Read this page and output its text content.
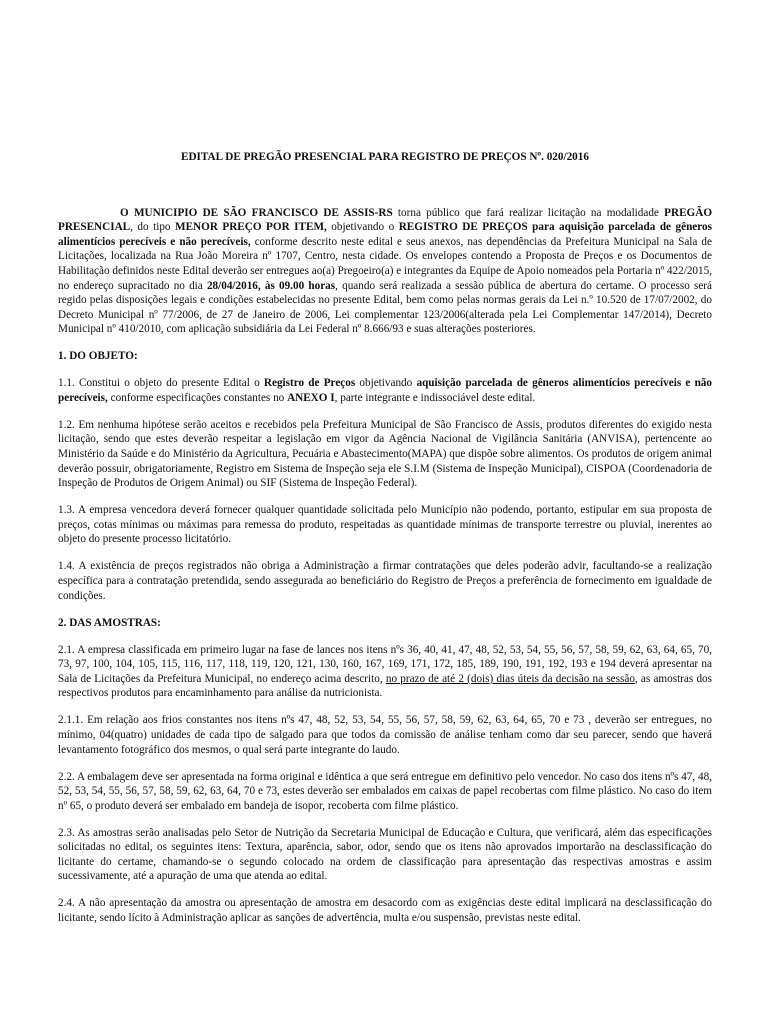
EDITAL DE PREGÃO PRESENCIAL PARA REGISTRO DE PREÇOS Nº. 020/2016

O MUNICIPIO DE SÃO FRANCISCO DE ASSIS-RS torna público que fará realizar licitação na modalidade PREGÃO PRESENCIAL, do tipo MENOR PREÇO POR ITEM, objetivando o REGISTRO DE PREÇOS para aquisição parcelada de gêneros alimentícios perecíveis e não perecíveis, conforme descrito neste edital e seus anexos, nas dependências da Prefeitura Municipal na Sala de Licitações, localizada na Rua João Moreira nº 1707, Centro, nesta cidade. Os envelopes contendo a Proposta de Preços e os Documentos de Habilitação definidos neste Edital deverão ser entregues ao(a) Pregoeiro(a) e integrantes da Equipe de Apoio nomeados pela Portaria nº 422/2015, no endereço supracitado no dia 28/04/2016, às 09.00 horas, quando será realizada a sessão pública de abertura do certame. O processo será regido pelas disposições legais e condições estabelecidas no presente Edital, bem como pelas normas gerais da Lei n.º 10.520 de 17/07/2002, do Decreto Municipal nº 77/2006, de 27 de Janeiro de 2006, Lei complementar 123/2006(alterada pela Lei Complementar 147/2014), Decreto Municipal nº 410/2010, com aplicação subsidiária da Lei Federal nº 8.666/93 e suas alterações posteriores.

1. DO OBJETO:

1.1. Constitui o objeto do presente Edital o Registro de Preços objetivando aquisição parcelada de gêneros alimentícios perecíveis e não perecíveis, conforme especificações constantes no ANEXO I, parte integrante e indissociável deste edital.

1.2. Em nenhuma hipótese serão aceitos e recebidos pela Prefeitura Municipal de São Francisco de Assis, produtos diferentes do exigido nesta licitação, sendo que estes deverão respeitar a legislação em vigor da Agência Nacional de Vigilância Sanitária (ANVISA), pertencente ao Ministério da Saúde e do Ministério da Agricultura, Pecuária e Abastecimento(MAPA) que dispõe sobre alimentos. Os produtos de origem animal deverão possuir, obrigatoriamente, Registro em Sistema de Inspeção seja ele S.I.M (Sistema de Inspeção Municipal), CISPOA (Coordenadoria de Inspeção de Produtos de Origem Animal) ou SIF (Sistema de Inspeção Federal).

1.3. A empresa vencedora deverá fornecer qualquer quantidade solicitada pelo Município não podendo, portanto, estipular em sua proposta de preços, cotas mínimas ou máximas para remessa do produto, respeitadas as quantidade mínimas de transporte terrestre ou pluvial, inerentes ao objeto do presente processo licitatório.

1.4. A existência de preços registrados não obriga a Administração a firmar contratações que deles poderão advir, facultando-se a realização específica para a contratação pretendida, sendo assegurada ao beneficiário do Registro de Preços a preferência de fornecimento em igualdade de condições.

2. DAS AMOSTRAS:

2.1. A empresa classificada em primeiro lugar na fase de lances nos itens nºs 36, 40, 41, 47, 48, 52, 53, 54, 55, 56, 57, 58, 59, 62, 63, 64, 65, 70, 73, 97, 100, 104, 105, 115, 116, 117, 118, 119, 120, 121, 130, 160, 167, 169, 171, 172, 185, 189, 190, 191, 192, 193 e 194 deverá apresentar na Sala de Licitações da Prefeitura Municipal, no endereço acima descrito, no prazo de até 2 (dois) dias úteis da decisão na sessão, as amostras dos respectivos produtos para encaminhamento para análise da nutricionista.

2.1.1. Em relação aos frios constantes nos itens nºs 47, 48, 52, 53, 54, 55, 56, 57, 58, 59, 62, 63, 64, 65, 70 e 73 , deverão ser entregues, no mínimo, 04(quatro) unidades de cada tipo de salgado para que todos da comissão de análise tenham como dar seu parecer, sendo que haverá levantamento fotográfico dos mesmos, o qual será parte integrante do laudo.

2.2. A embalagem deve ser apresentada na forma original e idêntica a que será entregue em definitivo pelo vencedor. No caso dos itens nºs 47, 48, 52, 53, 54, 55, 56, 57, 58, 59, 62, 63, 64, 70 e 73, estes deverão ser embalados em caixas de papel recobertas com filme plástico. No caso do item nº 65, o produto deverá ser embalado em bandeja de isopor, recoberta com filme plástico.

2.3. As amostras serão analisadas pelo Setor de Nutrição da Secretaria Municipal de Educação e Cultura, que verificará, além das especificações solicitadas no edital, os seguintes itens: Textura, aparência, sabor, odor, sendo que os itens não aprovados importarão na desclassificação do licitante do certame, chamando-se o segundo colocado na ordem de classificação para apresentação das respectivas amostras e assim sucessivamente, até a apuração de uma que atenda ao edital.

2.4. A não apresentação da amostra ou apresentação de amostra em desacordo com as exigências deste edital implicará na desclassificação do licitante, sendo lícito à Administração aplicar as sanções de advertência, multa e/ou suspensão, previstas neste edital.
